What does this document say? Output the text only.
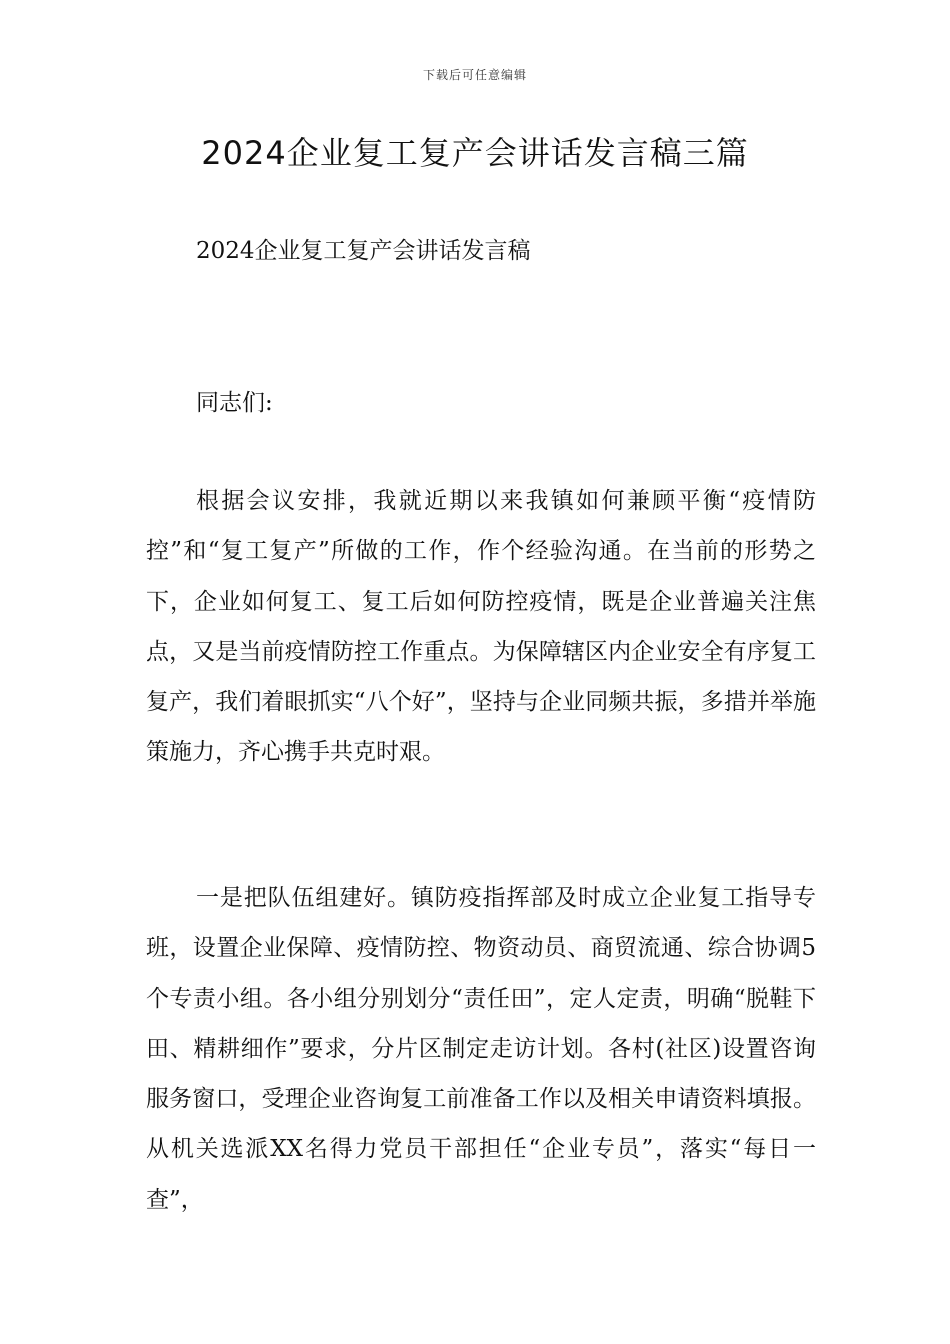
下载后可任意编辑
2024企业复工复产会讲话发言稿三篇

2024企业复工复产会讲话发言稿

同志们:

根据会议安排，我就近期以来我镇如何兼顾平衡“疫情防控”和“复工复产”所做的工作，作个经验沟通。在当前的形势之下，企业如何复工、复工后如何防控疫情，既是企业普遍关注焦点，又是当前疫情防控工作重点。为保障辖区内企业安全有序复工复产，我们着眼抓实“八个好”，坚持与企业同频共振，多措并举施策施力，齐心携手共克时艰。

一是把队伍组建好。镇防疫指挥部及时成立企业复工指导专班，设置企业保障、疫情防控、物资动员、商贸流通、综合协调5个专责小组。各小组分别划分“责任田”，定人定责，明确“脱鞋下田、精耕细作”要求，分片区制定走访计划。各村(社区)设置咨询服务窗口，受理企业咨询复工前准备工作以及相关申请资料填报。从机关选派XX名得力党员干部担任“企业专员”，落实“每日一查”，
